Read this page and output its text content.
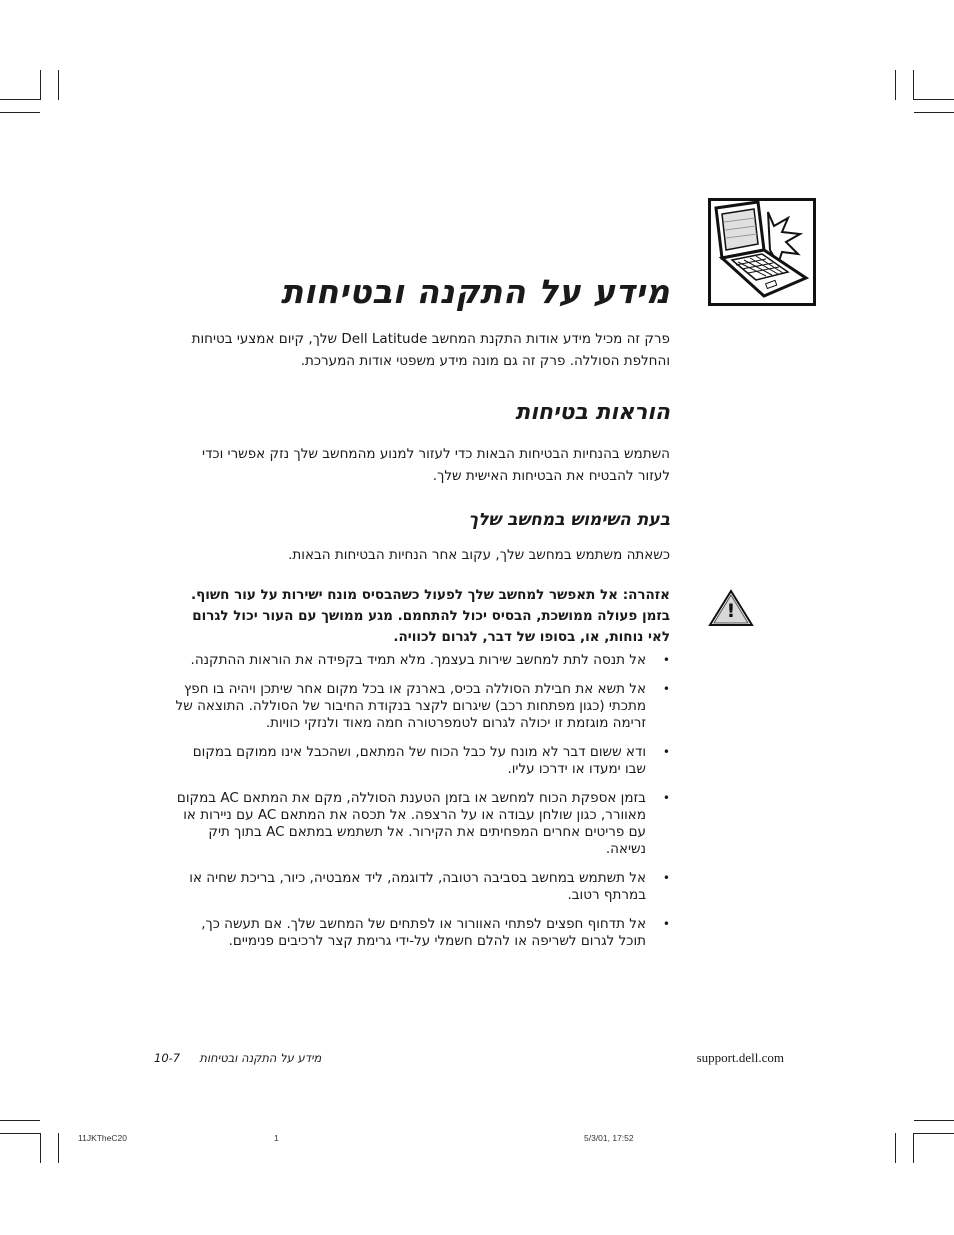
מידע על התקנה ובטיחות
פרק זה מכיל מידע אודות התקנת המחשב Dell Latitude שלך, קיום אמצעי בטיחות והחלפת הסוללה. פרק זה גם מונה מידע משפטי אודות המערכת.
הוראות בטיחות
השתמש בהנחיות הבטיחות הבאות כדי לעזור למנוע מהמחשב שלך נזק אפשרי וכדי לעזור להבטיח את הבטיחות האישית שלך.
בעת השימוש במחשב שלך
כשאתה משתמש במחשב שלך, עקוב אחר הנחיות הבטיחות הבאות.
!
אזהרה: אל תאפשר למחשב שלך לפעול כשהבסיס מונח ישירות על עור חשוף. בזמן פעולה ממושכת, הבסיס יכול להתחמם. מגע ממושך עם העור יכול לגרום לאי נוחות, או, בסופו של דבר, לגרום לכוויה.
•
אל תנסה לתת למחשב שירות בעצמך. מלא תמיד בקפידה את הוראות ההתקנה.
•
אל תשא את חבילת הסוללה בכיס, בארנק או בכל מקום אחר שיתכן ויהיה בו חפץ מתכתי (כגון מפתחות רכב) שיגרום לקצר בנקודת החיבור של הסוללה. התוצאה של זרימה מוגזמת זו יכולה לגרום לטמפרטורה חמה מאוד ולנזקי כוויות.
•
ודא ששום דבר לא מונח על כבל הכוח של המתאם, ושהכבל אינו ממוקם במקום שבו ימעדו או ידרכו עליו.
•
בזמן אספקת הכוח למחשב או בזמן הטענת הסוללה, מקם את המתאם AC במקום מאוורר, כגון שולחן עבודה או על הרצפה. אל תכסה את המתאם AC עם ניירות או עם פריטים אחרים המפחיתים את הקירור. אל תשתמש במתאם AC בתוך תיק נשיאה.
•
אל תשתמש במחשב בסביבה רטובה, לדוגמה, ליד אמבטיה, כיור, בריכת שחיה או במרתף רטוב.
•
אל תדחוף חפצים לפתחי האוורור או לפתחים של המחשב שלך. אם תעשה כך, תוכל לגרום לשריפה או להלם חשמלי על-ידי גרימת קצר לרכיבים פנימיים.
10-7 מידע על התקנה ובטיחות	support.dell.com
11JKTheC20	1	5/3/01, 17:52
